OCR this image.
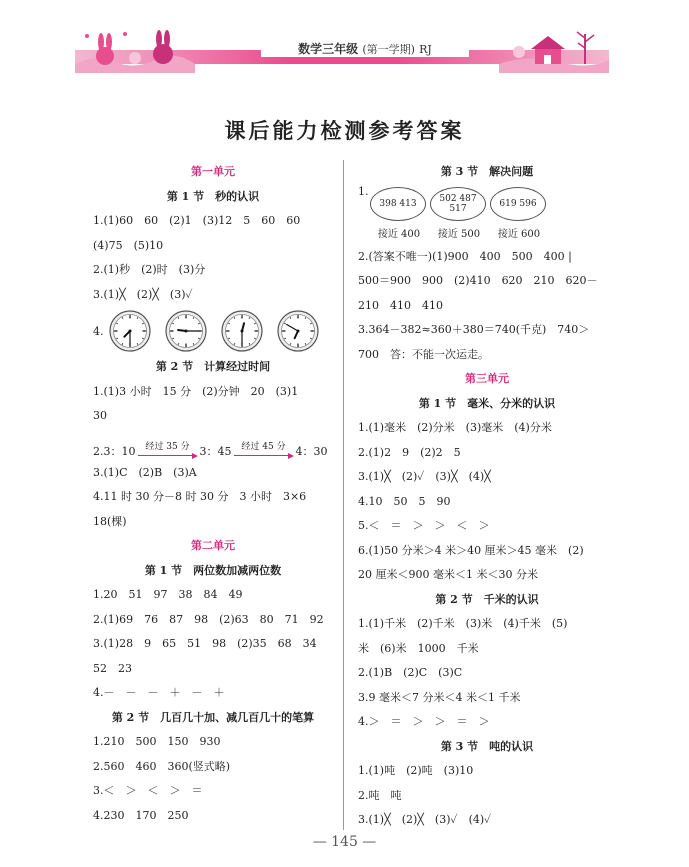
数学三年级 (第一学期) RJ
课后能力检测参考答案
第一单元
第 1 节　秒的认识
1.(1)60　60　(2)1　(3)12　5　60　60
(4)75　(5)10
2.(1)秒　(2)时　(3)分
3.(1)╳　(2)╳　(3)✓
4.
第 2 节　计算经过时间
1.(1)3 小时　15 分　(2)分钟　20　(3)1
30
2.3：10	经过 35 分 3：45	经过 45 分 4：30
3.(1)C　(2)B　(3)A
4.11 时 30 分－8 时 30 分　3 小时　3×6
18(棵)
第二单元
第 1 节　两位数加减两位数
1.20　51　97　38　84　49
2.(1)69　76　87　98　(2)63　80　71　92
3.(1)28　9　65　51　98　(2)35　68　34
52　23
4.－　－　－　＋　－　＋
第 2 节　几百几十加、减几百几十的笔算
1.210　500　150　930
2.560　460　360(竖式略)
3.＜　＞　＜　＞　＝
4.230　170　250
第 3 节　解决问题
1.
398 413
接近 400
502 487 517
接近 500
619 596
接近 600
2.(答案不唯一)(1)900　400　500　400 |
500＝900　900　(2)410　620　210　620－
210　410　410
3.364－382≈360＋380＝740(千克)　740＞
700　答：不能一次运走。
第三单元
第 1 节　毫米、分米的认识
1.(1)毫米　(2)分米　(3)毫米　(4)分米
2.(1)2　9　(2)2　5
3.(1)╳　(2)✓　(3)╳　(4)╳
4.10　50　5　90
5.＜　＝　＞　＞　＜　＞
6.(1)50 分米＞4 米＞40 厘米＞45 毫米　(2)
20 厘米＜900 毫米＜1 米＜30 分米
第 2 节　千米的认识
1.(1)千米　(2)千米　(3)米　(4)千米　(5)
米　(6)米　1000　千米
2.(1)B　(2)C　(3)C
3.9 毫米＜7 分米＜4 米＜1 千米
4.＞　＝　＞　＞　＝　＞
第 3 节　吨的认识
1.(1)吨　(2)吨　(3)10
2.吨　吨
3.(1)╳　(2)╳　(3)✓　(4)✓
— 145 —
